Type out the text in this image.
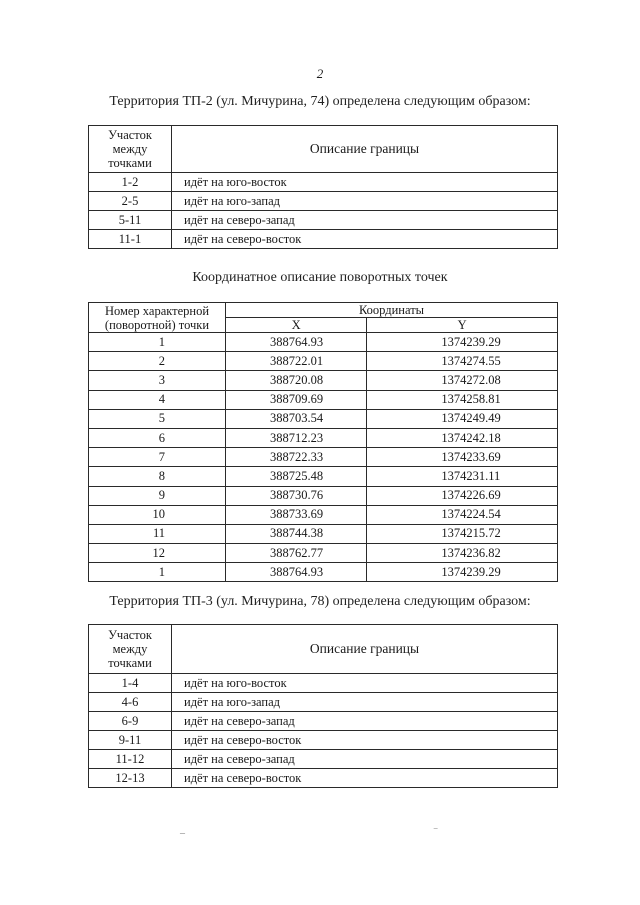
2
Территория ТП-2 (ул. Мичурина, 74) определена следующим образом:
Участок между точками	Описание границы
1-2	идёт на юго-восток
2-5	идёт на юго-запад
5-11	идёт на северо-запад
11-1	идёт на северо-восток
Координатное описание поворотных точек
Номер характерной (поворотной) точки	Координаты	
	X	Y
1	388764.93	1374239.29
2	388722.01	1374274.55
3	388720.08	1374272.08
4	388709.69	1374258.81
5	388703.54	1374249.49
6	388712.23	1374242.18
7	388722.33	1374233.69
8	388725.48	1374231.11
9	388730.76	1374226.69
10	388733.69	1374224.54
11	388744.38	1374215.72
12	388762.77	1374236.82
1	388764.93	1374239.29
Территория ТП-3 (ул. Мичурина, 78) определена следующим образом:
Участок между точками	Описание границы
1-4	идёт на юго-восток
4-6	идёт на юго-запад
6-9	идёт на северо-запад
9-11	идёт на северо-восток
11-12	идёт на северо-запад
12-13	идёт на северо-восток
–	⁻
